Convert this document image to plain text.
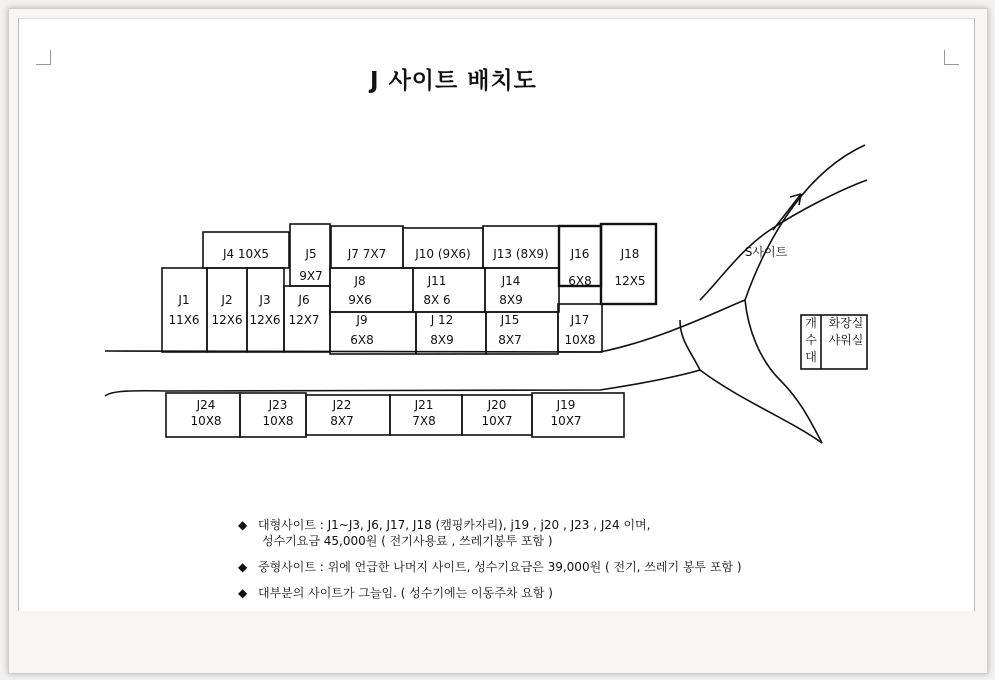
J 사이트 배치도
J4 10X5	J5
9X7
J7 7X7 J10 (9X6) J13 (8X9) J16
6X8
J18
12X5
J1
11X6
J2
12X6
J3
12X6
J6
12X7
J8
9X6
J11
8X 6
J14
8X9
J9
6X8
J 12
8X9
J15
8X7
J17
10X8
J24
10X8
J23
10X8
J22
8X7
J21
7X8
J20
10X7
J19
10X7
S사이트
개
수
대
화장실
샤워실
◆ 대형사이트 : J1~J3, J6, J17, J18 (캠핑카자리), j19 , j20 , J23 , J24 이며,
성수기요금 45,000원 ( 전기사용료 , 쓰레기봉투 포함 )
◆ 중형사이트 : 위에 언급한 나머지 사이트, 성수기요금은 39,000원 ( 전기, 쓰레기 봉투 포함 )
◆ 대부분의 사이트가 그늘임. ( 성수기에는 이동주차 요함 )
